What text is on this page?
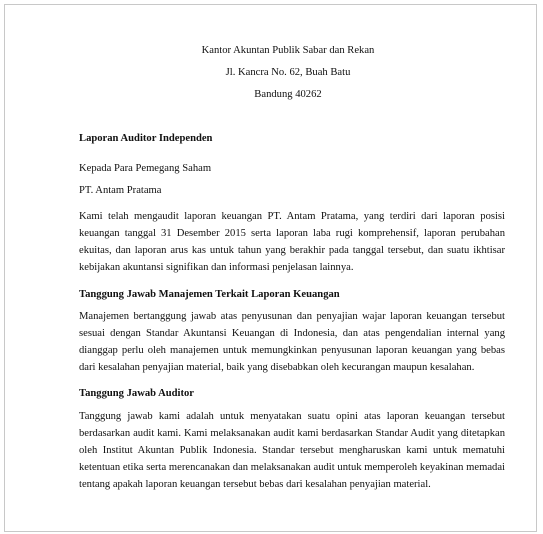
Kantor Akuntan Publik Sabar dan Rekan

Jl. Kancra No. 62, Buah Batu

Bandung 40262

Laporan Auditor Independen

Kepada Para Pemegang Saham

PT. Antam Pratama

Kami telah mengaudit laporan keuangan PT. Antam Pratama, yang terdiri dari laporan posisi keuangan tanggal 31 Desember 2015 serta laporan laba rugi komprehensif, laporan perubahan ekuitas, dan laporan arus kas untuk tahun yang berakhir pada tanggal tersebut, dan suatu ikhtisar kebijakan akuntansi signifikan dan informasi penjelasan lainnya.

Tanggung Jawab Manajemen Terkait Laporan Keuangan

Manajemen bertanggung jawab atas penyusunan dan penyajian wajar laporan keuangan tersebut sesuai dengan Standar Akuntansi Keuangan di Indonesia, dan atas pengendalian internal yang dianggap perlu oleh manajemen untuk memungkinkan penyusunan laporan keuangan yang bebas dari kesalahan penyajian material, baik yang disebabkan oleh kecurangan maupun kesalahan.

Tanggung Jawab Auditor

Tanggung jawab kami adalah untuk menyatakan suatu opini atas laporan keuangan tersebut berdasarkan audit kami. Kami melaksanakan audit kami berdasarkan Standar Audit yang ditetapkan oleh Institut Akuntan Publik Indonesia. Standar tersebut mengharuskan kami untuk mematuhi ketentuan etika serta merencanakan dan melaksanakan audit untuk memperoleh keyakinan memadai tentang apakah laporan keuangan tersebut bebas dari kesalahan penyajian material.
